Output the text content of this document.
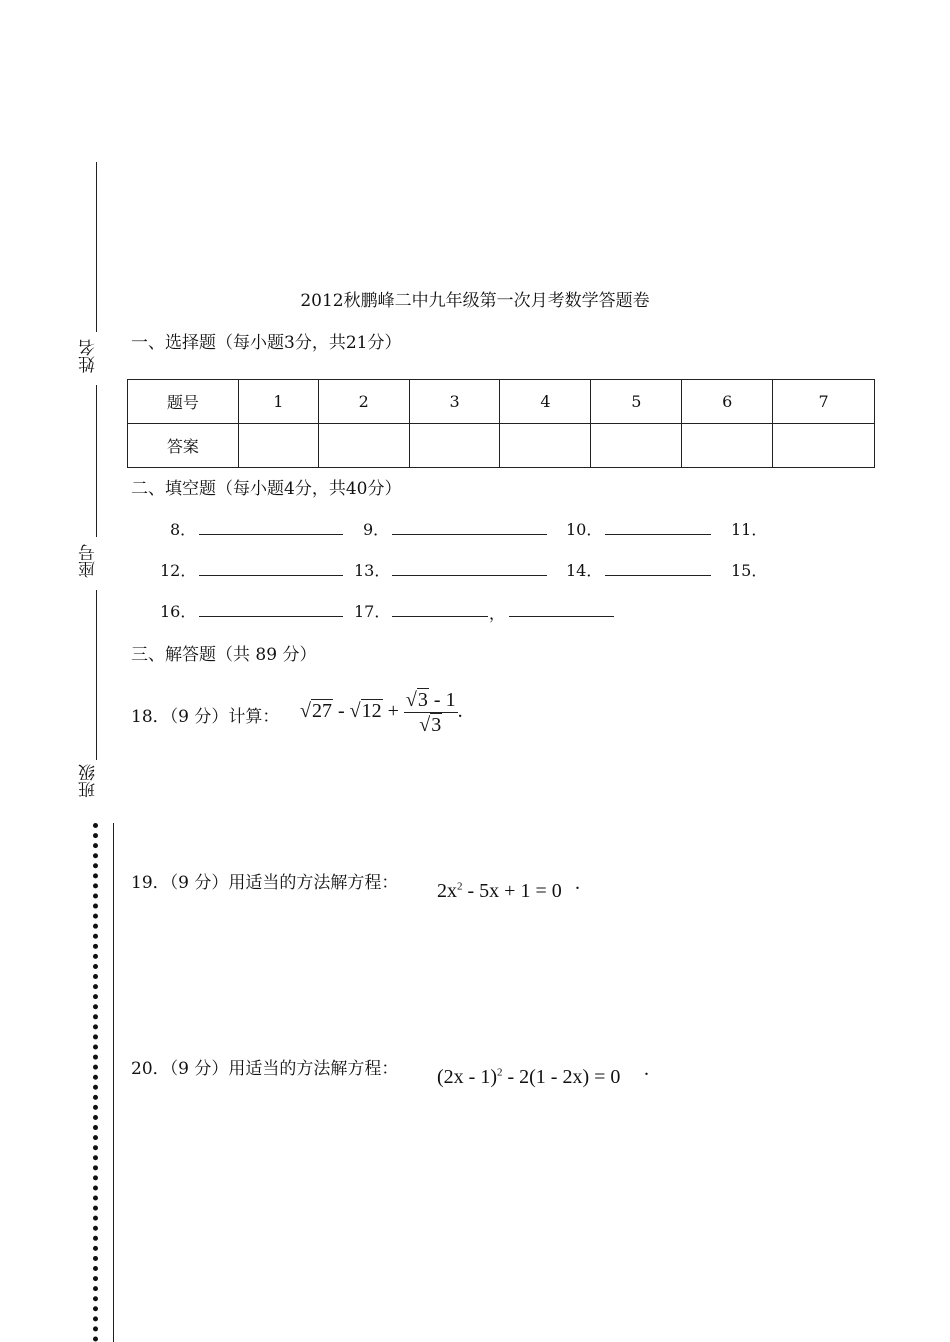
姓名
座号
班级
2012秋鹏峰二中九年级第一次月考数学答题卷
一、选择题（每小题3分，共21分）
题号	1	2	3	4	5	6	7
答案							
二、填空题（每小题4分，共40分）
8．	9．	10．	11．
12．	13．	14．	15．
16．	17．	，
三、解答题（共 89 分）
18．（9 分）计算： $√27 - √12 + \frac{√3 - 1}{√3}$ .
19．（9 分）用适当的方法解方程： $2x^2 - 5x + 1 = 0$ .
20．（9 分）用适当的方法解方程： (2x - 1)$^2$ - 2(1 - 2x) = 0 .
